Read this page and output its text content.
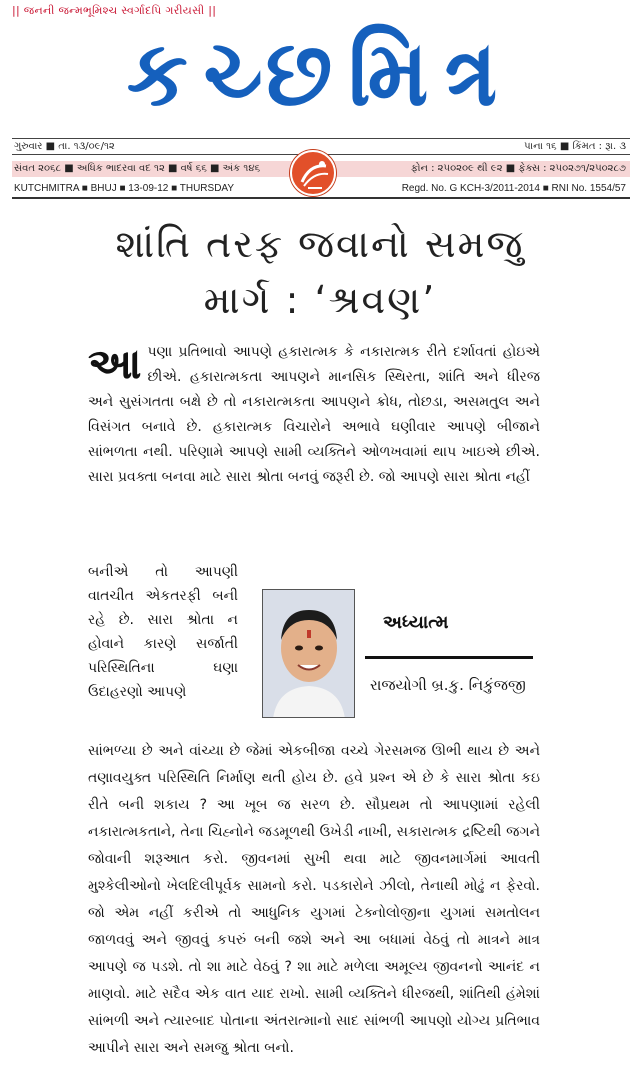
|| જનની જન્મભૂમિશ્ચ સ્વર્ગાદપિ ગરીયસી ||
કચ્છમિત્ર
ગુરુવાર ■ તા. ૧૩/૦૯/૧૨	પાના ૧૬ ■ કિંમત : રૂા. ૩
સંવત ૨૦૬૮ ■ અધિક ભાદરવા વદ ૧૨ ■ વર્ષ ૬૬ ■ અંક ૧૪૬	ફોન : ૨૫૦૨૦૯ થી ૯૨ ■ ફેક્સ : ૨૫૦૨૭૧/૨૫૦૨૮૭
KUTCHMITRA ■ BHUJ ■ 13-09-12 ■ THURSDAY	Regd. No. G KCH-3/2011-2014 ■ RNI No. 1554/57
શાંતિ તરફ જવાનો સમજુ
માર્ગ : ‘શ્રવણ’
આ પણા પ્રતિભાવો આપણે હકારાત્મક કે નકારાત્મક રીતે દર્શાવતાં હોઇએ છીએ. હકારાત્મકતા આપણને માનસિક સ્થિરતા, શાંતિ અને ધીરજ અને સુસંગતતા બક્ષે છે તો નકારાત્મકતા આપણને ક્રોધ, તોછડા, અસમતુલ અને વિસંગત બનાવે છે. હકારાત્મક વિચારોને અભાવે ઘણીવાર આપણે બીજાને સાંભળતા નથી. પરિણામે આપણે સામી વ્યક્તિને ઓળખવામાં થાપ ખાઇએ છીએ. સારા પ્રવક્તા બનવા માટે સારા શ્રોતા બનવું જરૂરી છે. જો આપણે સારા શ્રોતા નહીં
બનીએ તો આપણી વાતચીત એકતરફી બની રહે છે. સારા શ્રોતા ન હોવાને કારણે સર્જાતી પરિસ્થિતિના ઘણા ઉદાહરણો આપણે
અધ્યાત્મ
રાજયોગી બ્ર.કુ. નિકુંજજી
સાંભળ્યા છે અને વાંચ્યા છે જેમાં એકબીજા વચ્ચે ગેરસમજ ઊભી થાય છે અને તણાવયુક્ત પરિસ્થિતિ નિર્માણ થતી હોય છે. હવે પ્રશ્ન એ છે કે સારા શ્રોતા કઇ રીતે બની શકાય ? આ ખૂબ જ સરળ છે. સૌપ્રથમ તો આપણામાં રહેલી નકારાત્મકતાને, તેના ચિહ્નોને જડમૂળથી ઉખેડી નાખી, સકારાત્મક દ્રષ્ટિથી જગને જોવાની શરૂઆત કરો. જીવનમાં સુખી થવા માટે જીવનમાર્ગમાં આવતી મુશ્કેલીઓનો ખેલદિલીપૂર્વક સામનો કરો. પડકારોને ઝીલો, તેનાથી મોઢું ન ફેરવો. જો એમ નહીં કરીએ તો આધુનિક યુગમાં ટેક્નોલોજીના યુગમાં સમતોલન જાળવવું અને જીવવું કપરું બની જશે અને આ બધામાં વેઠવું તો માત્રને માત્ર આપણે જ પડશે. તો શા માટે વેઠવું ? શા માટે મળેલા અમૂલ્ય જીવનનો આનંદ ન માણવો. માટે સદૈવ એક વાત યાદ રાખો. સામી વ્યક્તિને ધીરજથી, શાંતિથી હંમેશાં સાંભળી અને ત્યારબાદ પોતાના અંતરાત્માનો સાદ સાંભળી આપણો યોગ્ય પ્રતિભાવ આપીને સારા અને સમજુ શ્રોતા બનો.
